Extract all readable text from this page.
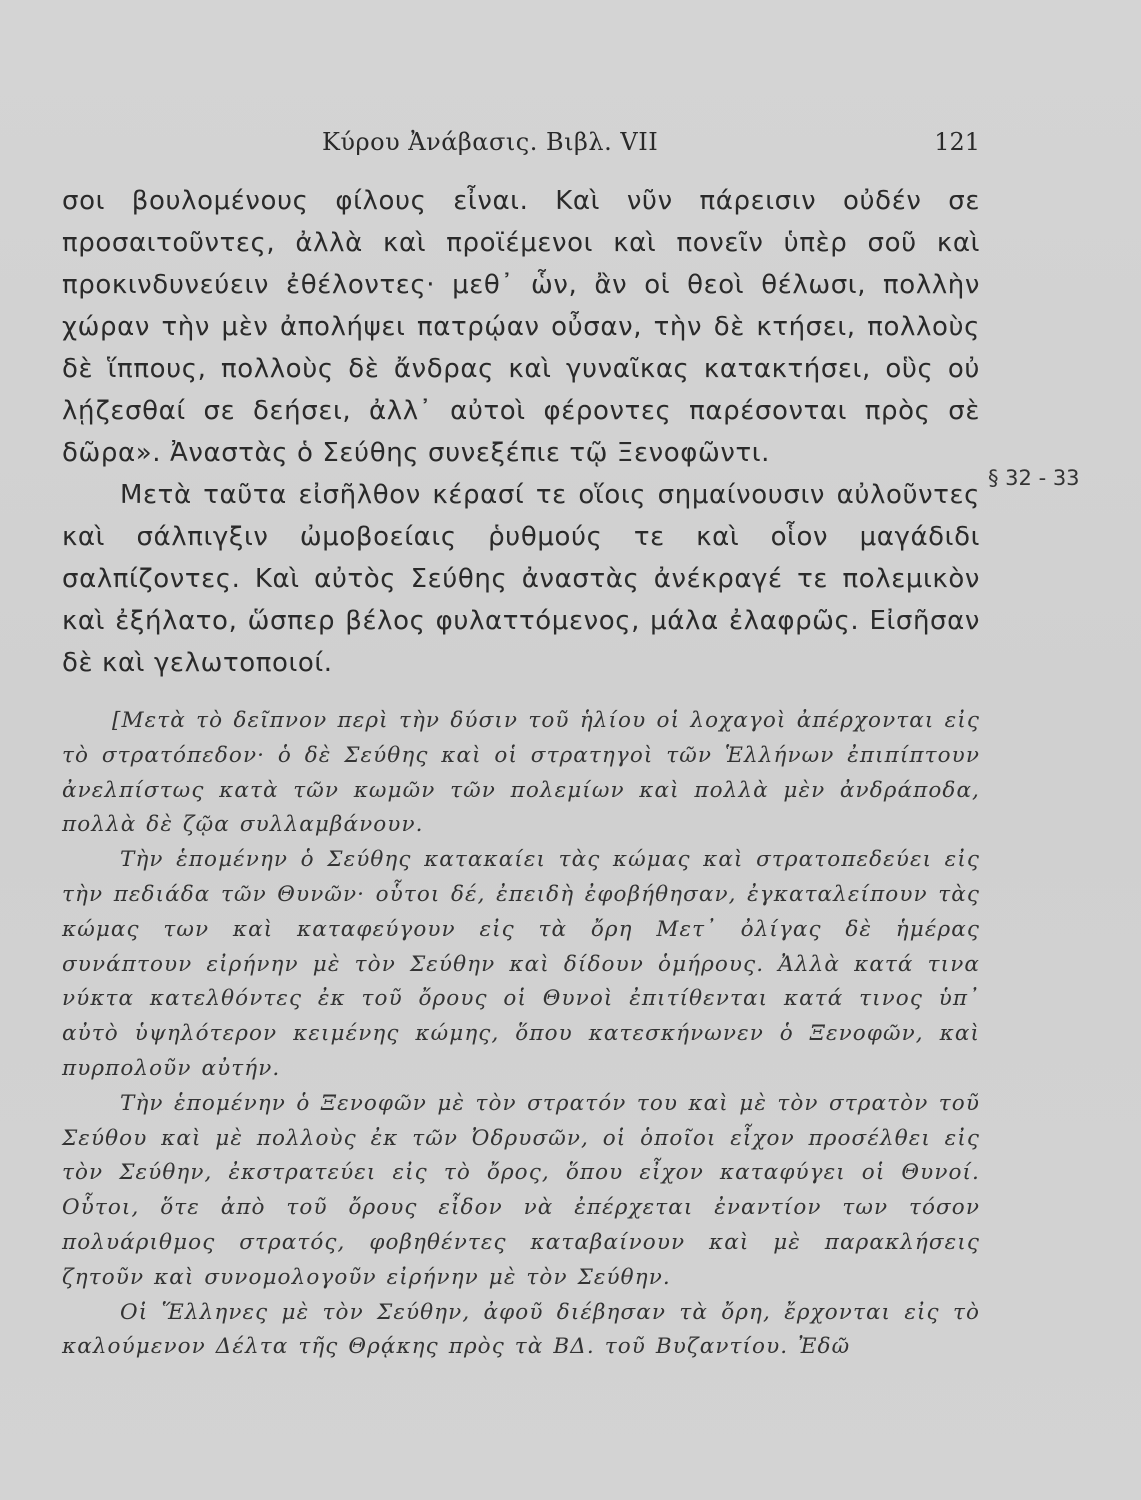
Κύρου Ἀνάβασις. Βιβλ. VII	121

σοι βουλομένους φίλους εἶναι. Καὶ νῦν πάρεισιν οὐδέν σε προσαιτοῦντες, ἀλλὰ καὶ προϊέμενοι καὶ πονεῖν ὑπὲρ σοῦ καὶ προκινδυνεύειν ἐθέλοντες· μεθ᾽ ὧν, ἂν οἱ θεοὶ θέλωσι, πολλὴν χώραν τὴν μὲν ἀπολήψει πατρῴαν οὖσαν, τὴν δὲ κτήσει, πολλοὺς δὲ ἵππους, πολλοὺς δὲ ἄνδρας καὶ γυναῖκας κατακτήσει, οὓς οὐ λῄζεσθαί σε δεήσει, ἀλλ᾽ αὐτοὶ φέροντες παρέσονται πρὸς σὲ δῶρα». Ἀναστὰς ὁ Σεύθης συνεξέπιε τῷ Ξενοφῶντι.

Μετὰ ταῦτα εἰσῆλθον κέρασί τε οἵοις σημαίνουσιν αὐλοῦντες καὶ σάλπιγξιν ὠμοβοείαις ῥυθμούς τε καὶ οἷον μαγάδιδι σαλπίζοντες. Καὶ αὐτὸς Σεύθης ἀναστὰς ἀνέκραγέ τε πολεμικὸν καὶ ἐξήλατο, ὥσπερ βέλος φυλαττόμενος, μάλα ἐλαφρῶς. Εἰσῆσαν δὲ καὶ γελωτοποιοί.

§ 32 - 33

[Μετὰ τὸ δεῖπνον περὶ τὴν δύσιν τοῦ ἡλίου οἱ λοχαγοὶ ἀπέρχονται εἰς τὸ στρατόπεδον· ὁ δὲ Σεύθης καὶ οἱ στρατηγοὶ τῶν Ἑλλήνων ἐπιπίπτουν ἀνελπίστως κατὰ τῶν κωμῶν τῶν πολεμίων καὶ πολλὰ μὲν ἀνδράποδα, πολλὰ δὲ ζῷα συλλαμβάνουν.

Τὴν ἑπομένην ὁ Σεύθης κατακαίει τὰς κώμας καὶ στρατοπεδεύει εἰς τὴν πεδιάδα τῶν Θυνῶν· οὗτοι δέ, ἐπειδὴ ἐφοβήθησαν, ἐγκαταλείπουν τὰς κώμας των καὶ καταφεύγουν εἰς τὰ ὄρη Μετ᾽ ὀλίγας δὲ ἡμέρας συνάπτουν εἰρήνην μὲ τὸν Σεύθην καὶ δίδουν ὁμήρους. Ἀλλὰ κατά τινα νύκτα κατελθόντες ἐκ τοῦ ὄρους οἱ Θυνοὶ ἐπιτίθενται κατά τινος ὑπ᾽ αὐτὸ ὑψηλότερον κειμένης κώμης, ὅπου κατεσκήνωνεν ὁ Ξενοφῶν, καὶ πυρπολοῦν αὐτήν.

Τὴν ἑπομένην ὁ Ξενοφῶν μὲ τὸν στρατόν του καὶ μὲ τὸν στρατὸν τοῦ Σεύθου καὶ μὲ πολλοὺς ἐκ τῶν Ὀδρυσῶν, οἱ ὁποῖοι εἶχον προσέλθει εἰς τὸν Σεύθην, ἐκστρατεύει εἰς τὸ ὄρος, ὅπου εἶχον καταφύγει οἱ Θυνοί. Οὗτοι, ὅτε ἀπὸ τοῦ ὄρους εἶδον νὰ ἐπέρχεται ἐναντίον των τόσον πολυάριθμος στρατός, φοβηθέντες καταβαίνουν καὶ μὲ παρακλήσεις ζητοῦν καὶ συνομολογοῦν εἰρήνην μὲ τὸν Σεύθην.

Οἱ Ἕλληνες μὲ τὸν Σεύθην, ἀφοῦ διέβησαν τὰ ὄρη, ἔρχονται εἰς τὸ καλούμενον Δέλτα τῆς Θρᾴκης πρὸς τὰ ΒΔ. τοῦ Βυζαντίου. Ἐδῶ
